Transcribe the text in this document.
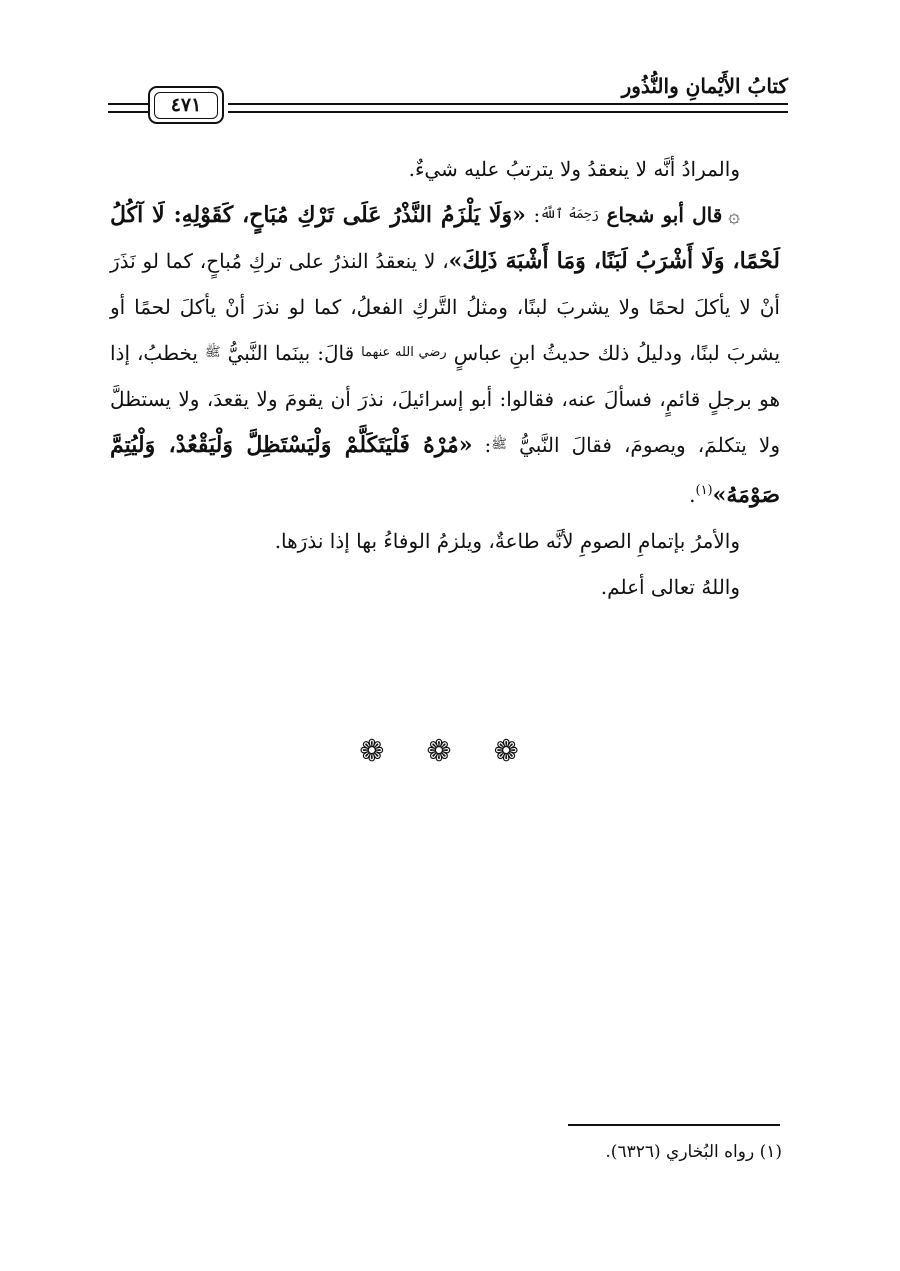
كتابُ الأَيْمانِ والنُّذُور
٤٧١

والمرادُ أنَّه لا ينعقدُ ولا يترتبُ عليه شيءٌ.

۞قال أبو شجاع $^{رَحِمَهُ ٱللَّهُ}$: «وَلَا يَلْزَمُ النَّذْرُ عَلَى تَرْكِ مُبَاحٍ، كَقَوْلِهِ: لَا آكُلُ لَحْمًا، وَلَا أَشْرَبُ لَبَنًا، وَمَا أَشْبَهَ ذَلِكَ»، لا ينعقدُ النذرُ على تركِ مُباحٍ، كما لو نَذَرَ أنْ لا يأكلَ لحمًا ولا يشربَ لبنًا، ومثلُ التَّركِ الفعلُ، كما لو نذرَ أنْ يأكلَ لحمًا أو يشربَ لبنًا، ودليلُ ذلك حديثُ ابنِ عباسٍ $^{رضي الله عنهما}$ قالَ: بينَما النَّبيُّ $^ﷺ$ يخطبُ، إذا هو برجلٍ قائمٍ، فسألَ عنه، فقالوا: أبو إسرائيلَ، نذرَ أن يقومَ ولا يقعدَ، ولا يستظلَّ ولا يتكلمَ، ويصومَ، فقالَ النَّبيُّ $^ﷺ$: «مُرْهُ فَلْيَتَكَلَّمْ وَلْيَسْتَظِلَّ وَلْيَقْعُدْ، وَلْيُتِمَّ صَوْمَهُ»$^{(١)}$.

والأمرُ بإتمامِ الصومِ لأنَّه طاعةٌ، ويلزمُ الوفاءُ بها إذا نذرَها.

واللهُ تعالى أعلم.

❁ ❁ ❁
(١) رواه البُخاري (٦٣٢٦).
